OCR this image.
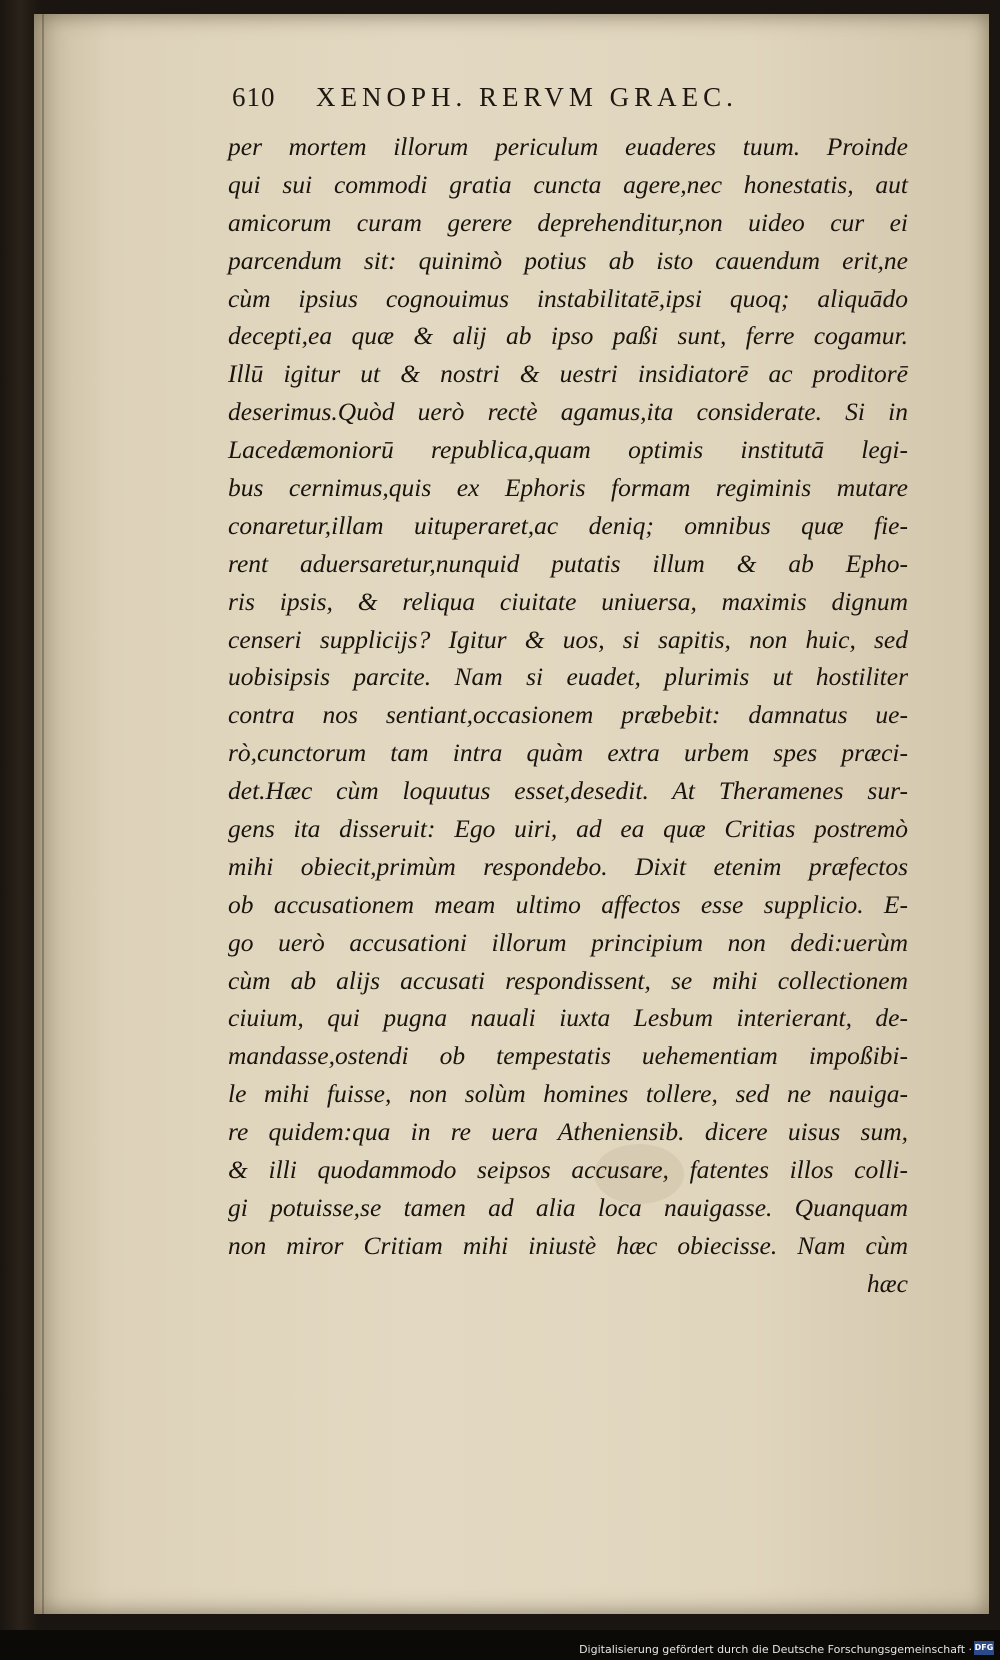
610 XENOPH. RERVM GRAEC.
per mortem illorum periculum euaderes tuum. Proinde
qui sui commodi gratia cuncta agere,nec honestatis, aut
amicorum curam gerere deprehenditur,non uideo cur ei
parcendum sit: quinimò potius ab isto cauendum erit,ne
cùm ipsius cognouimus instabilitatē,ipsi quoq; aliquādo
decepti,ea quæ & alij ab ipso paßi sunt, ferre cogamur.
Illū igitur ut & nostri & uestri insidiatorē ac proditorē
deserimus.Quòd uerò rectè agamus,ita considerate. Si in
Lacedæmoniorū republica,quam optimis institutā legi-
bus cernimus,quis ex Ephoris formam regiminis mutare
conaretur,illam uituperaret,ac deniq; omnibus quæ fie-
rent aduersaretur,nunquid putatis illum & ab Epho-
ris ipsis, & reliqua ciuitate uniuersa, maximis dignum
censeri supplicijs? Igitur & uos, si sapitis, non huic, sed
uobisipsis parcite. Nam si euadet, plurimis ut hostiliter
contra nos sentiant,occasionem præbebit: damnatus ue-
rò,cunctorum tam intra quàm extra urbem spes præci-
det.Hæc cùm loquutus esset,desedit. At Theramenes sur-
gens ita disseruit: Ego uiri, ad ea quæ Critias postremò
mihi obiecit,primùm respondebo. Dixit etenim præfectos
ob accusationem meam ultimo affectos esse supplicio. E-
go uerò accusationi illorum principium non dedi:uerùm
cùm ab alijs accusati respondissent, se mihi collectionem
ciuium, qui pugna nauali iuxta Lesbum interierant, de-
mandasse,ostendi ob tempestatis uehementiam impoßibi-
le mihi fuisse, non solùm homines tollere, sed ne nauiga-
re quidem:qua in re uera Atheniensib. dicere uisus sum,
& illi quodammodo seipsos accusare, fatentes illos colli-
gi potuisse,se tamen ad alia loca nauigasse. Quanquam
non miror Critiam mihi iniustè hæc obiecisse. Nam cùm
hæc
Digitalisierung gefördert durch die Deutsche Forschungsgemeinschaft · DFG
